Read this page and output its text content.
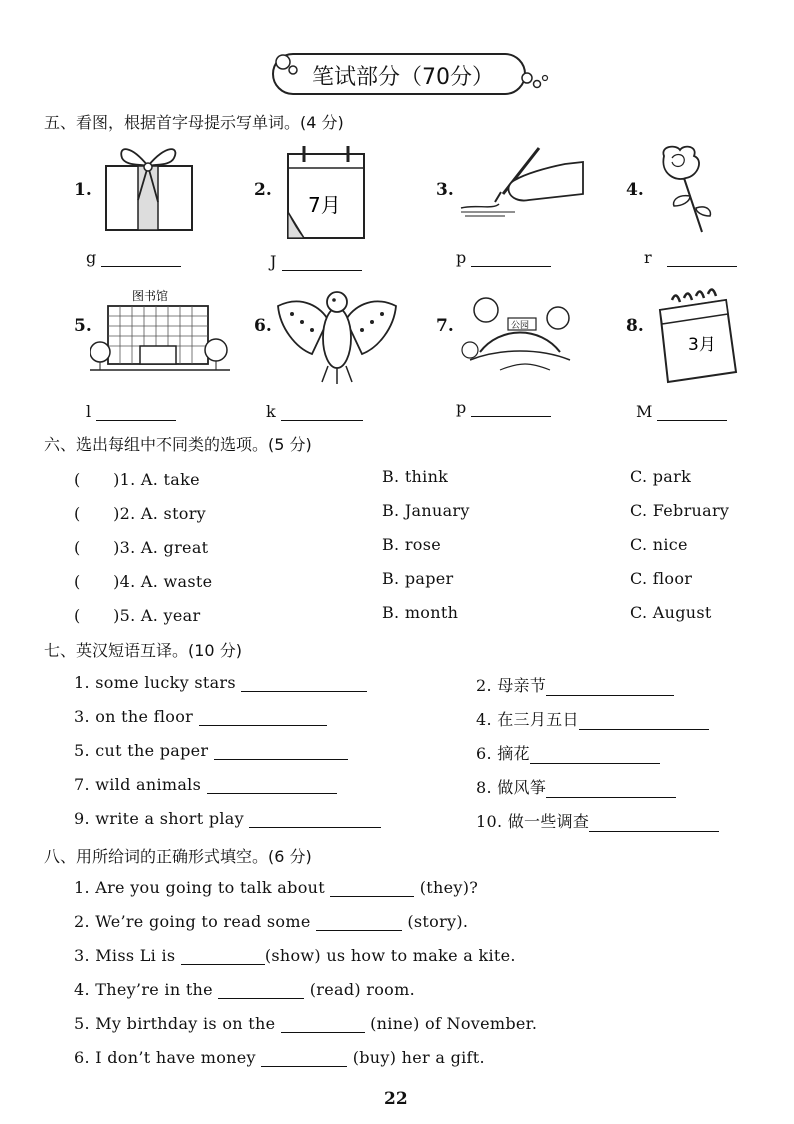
笔试部分（70分）
五、看图，根据首字母提示写单词。(4 分)
1.	2.	3.	4.
7月
g	J	p	r
5.	6.	7.	8.
图书馆
公园
3月
l	k	p	M
六、选出每组中不同类的选项。(5 分)
(　　)1. A. take	B. think	C. park
(　　)2. A. story	B. January	C. February
(　　)3. A. great	B. rose	C. nice
(　　)4. A. waste	B. paper	C. floor
(　　)5. A. year	B. month	C. August
七、英汉短语互译。(10 分)
1. some lucky stars	2. 母亲节
3. on the floor	4. 在三月五日
5. cut the paper	6. 摘花
7. wild animals	8. 做风筝
9. write a short play	10. 做一些调查
八、用所给词的正确形式填空。(6 分)
1. Are you going to talk about	(they)?
2. We’re going to read some	(story).
3. Miss Li is	(show) us how to make a kite.
4. They’re in the	(read) room.
5. My birthday is on the	(nine) of November.
6. I don’t have money	(buy) her a gift.
22
